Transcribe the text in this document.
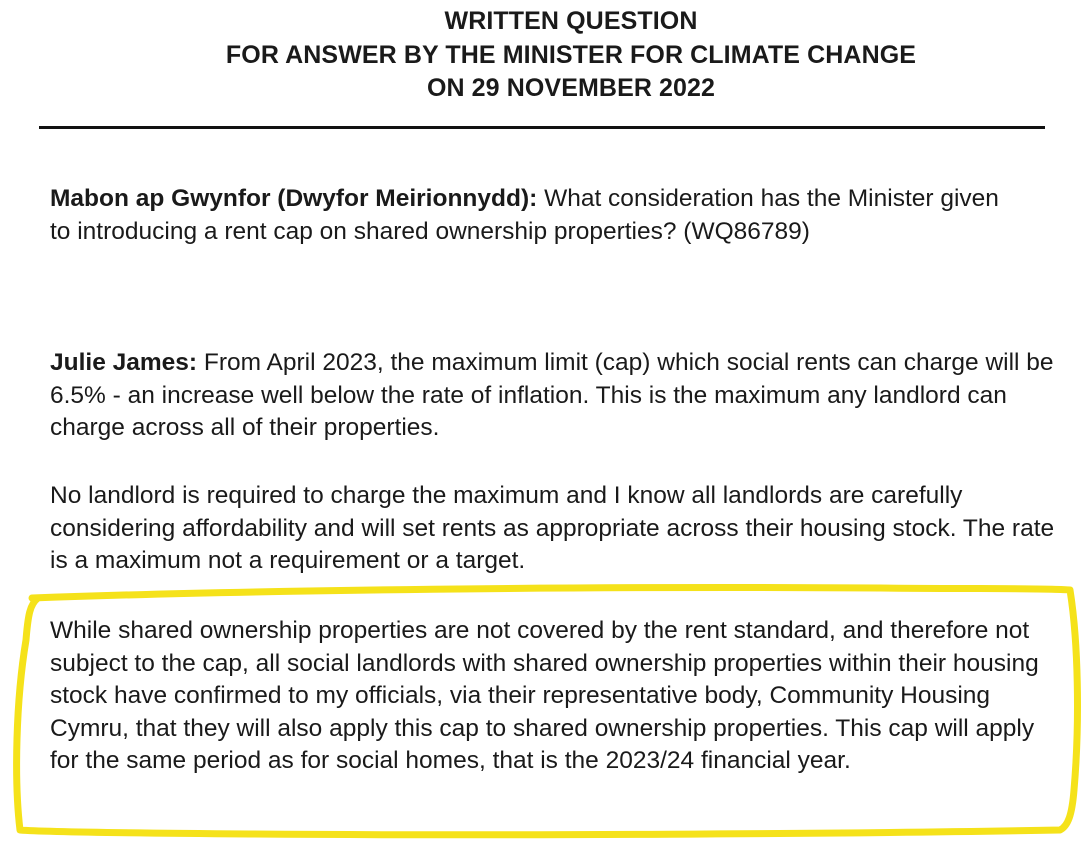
WRITTEN QUESTION
FOR ANSWER BY THE MINISTER FOR CLIMATE CHANGE
ON 29 NOVEMBER 2022

Mabon ap Gwynfor (Dwyfor Meirionnydd): What consideration has the Minister given to introducing a rent cap on shared ownership properties? (WQ86789)

Julie James: From April 2023, the maximum limit (cap) which social rents can charge will be 6.5% - an increase well below the rate of inflation. This is the maximum any landlord can charge across all of their properties.

No landlord is required to charge the maximum and I know all landlords are carefully considering affordability and will set rents as appropriate across their housing stock. The rate is a maximum not a requirement or a target.

While shared ownership properties are not covered by the rent standard, and therefore not subject to the cap, all social landlords with shared ownership properties within their housing stock have confirmed to my officials, via their representative body, Community Housing Cymru, that they will also apply this cap to shared ownership properties. This cap will apply for the same period as for social homes, that is the 2023/24 financial year.
